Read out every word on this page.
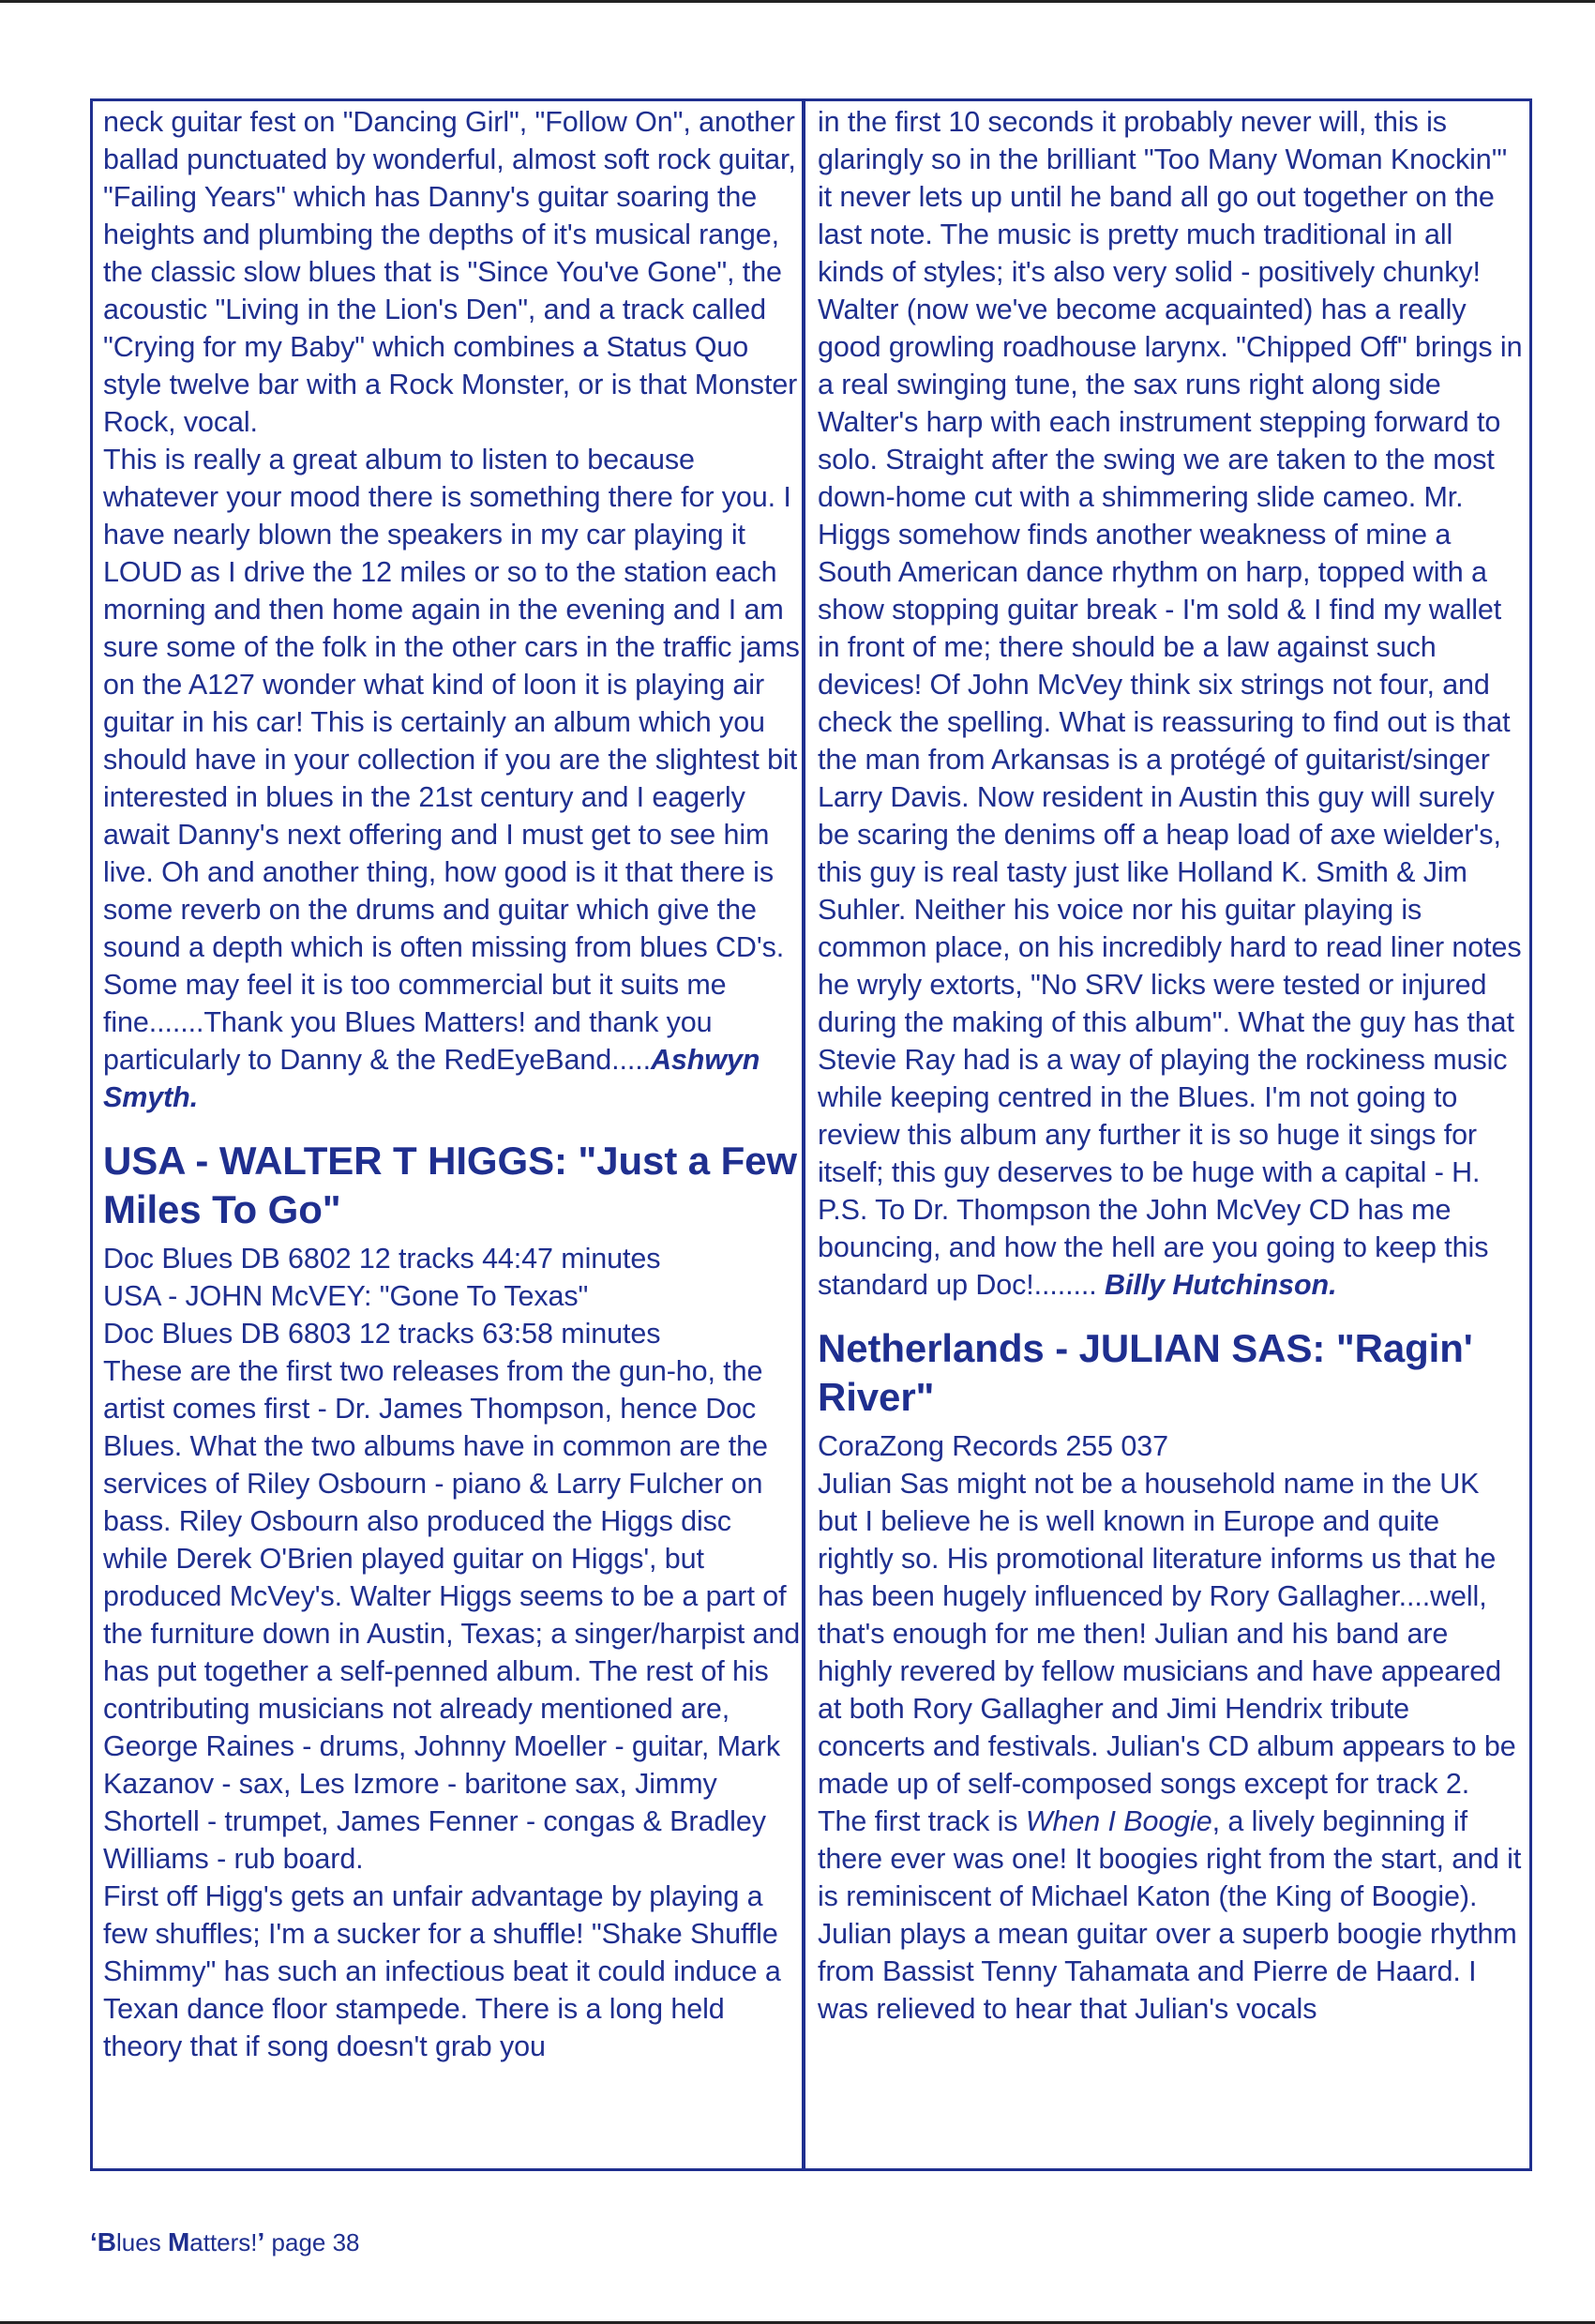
neck guitar fest on "Dancing Girl", "Follow On", another ballad punctuated by wonderful, almost soft rock guitar, "Failing Years" which has Danny's guitar soaring the heights and plumbing the depths of it's musical range, the classic slow blues that is "Since You've Gone", the acoustic "Living in the Lion's Den", and a track called "Crying for my Baby" which combines a Status Quo style twelve bar with a Rock Monster, or is that Monster Rock, vocal.

This is really a great album to listen to because whatever your mood there is something there for you. I have nearly blown the speakers in my car playing it LOUD as I drive the 12 miles or so to the station each morning and then home again in the evening and I am sure some of the folk in the other cars in the traffic jams on the A127 wonder what kind of loon it is playing air guitar in his car! This is certainly an album which you should have in your collection if you are the slightest bit interested in blues in the 21st century and I eagerly await Danny's next offering and I must get to see him live. Oh and another thing, how good is it that there is some reverb on the drums and guitar which give the sound a depth which is often missing from blues CD's. Some may feel it is too commercial but it suits me fine.......Thank you Blues Matters! and thank you particularly to Danny & the RedEyeBand.....Ashwyn Smyth.

USA - WALTER T HIGGS: "Just a Few Miles To Go"

Doc Blues DB 6802 12 tracks 44:47 minutes

USA - JOHN McVEY: "Gone To Texas"

Doc Blues DB 6803 12 tracks 63:58 minutes

These are the first two releases from the gun-ho, the artist comes first - Dr. James Thompson, hence Doc Blues. What the two albums have in common are the services of Riley Osbourn - piano & Larry Fulcher on bass. Riley Osbourn also produced the Higgs disc while Derek O'Brien played guitar on Higgs', but produced McVey's. Walter Higgs seems to be a part of the furniture down in Austin, Texas; a singer/harpist and has put together a self-penned album. The rest of his contributing musicians not already mentioned are, George Raines - drums, Johnny Moeller - guitar, Mark Kazanov - sax, Les Izmore - baritone sax, Jimmy Shortell - trumpet, James Fenner - congas & Bradley Williams - rub board.

First off Higg's gets an unfair advantage by playing a few shuffles; I'm a sucker for a shuffle! "Shake Shuffle Shimmy" has such an infectious beat it could induce a Texan dance floor stampede. There is a long held theory that if song doesn't grab you

in the first 10 seconds it probably never will, this is glaringly so in the brilliant "Too Many Woman Knockin'" it never lets up until he band all go out together on the last note. The music is pretty much traditional in all kinds of styles; it's also very solid - positively chunky! Walter (now we've become acquainted) has a really good growling roadhouse larynx. "Chipped Off" brings in a real swinging tune, the sax runs right along side Walter's harp with each instrument stepping forward to solo. Straight after the swing we are taken to the most down-home cut with a shimmering slide cameo. Mr. Higgs somehow finds another weakness of mine a South American dance rhythm on harp, topped with a show stopping guitar break - I'm sold & I find my wallet in front of me; there should be a law against such devices! Of John McVey think six strings not four, and check the spelling. What is reassuring to find out is that the man from Arkansas is a protégé of guitarist/singer Larry Davis. Now resident in Austin this guy will surely be scaring the denims off a heap load of axe wielder's, this guy is real tasty just like Holland K. Smith & Jim Suhler. Neither his voice nor his guitar playing is common place, on his incredibly hard to read liner notes he wryly extorts, "No SRV licks were tested or injured during the making of this album". What the guy has that Stevie Ray had is a way of playing the rockiness music while keeping centred in the Blues. I'm not going to review this album any further it is so huge it sings for itself; this guy deserves to be huge with a capital - H.

P.S. To Dr. Thompson the John McVey CD has me bouncing, and how the hell are you going to keep this standard up Doc!........ Billy Hutchinson.

Netherlands - JULIAN SAS: "Ragin' River"

CoraZong Records 255 037

Julian Sas might not be a household name in the UK but I believe he is well known in Europe and quite rightly so. His promotional literature informs us that he has been hugely influenced by Rory Gallagher....well, that's enough for me then! Julian and his band are highly revered by fellow musicians and have appeared at both Rory Gallagher and Jimi Hendrix tribute concerts and festivals. Julian's CD album appears to be made up of self-composed songs except for track 2. The first track is When I Boogie, a lively beginning if there ever was one! It boogies right from the start, and it is reminiscent of Michael Katon (the King of Boogie). Julian plays a mean guitar over a superb boogie rhythm from Bassist Tenny Tahamata and Pierre de Haard. I was relieved to hear that Julian's vocals

‘Blues Matters!’ page 38
